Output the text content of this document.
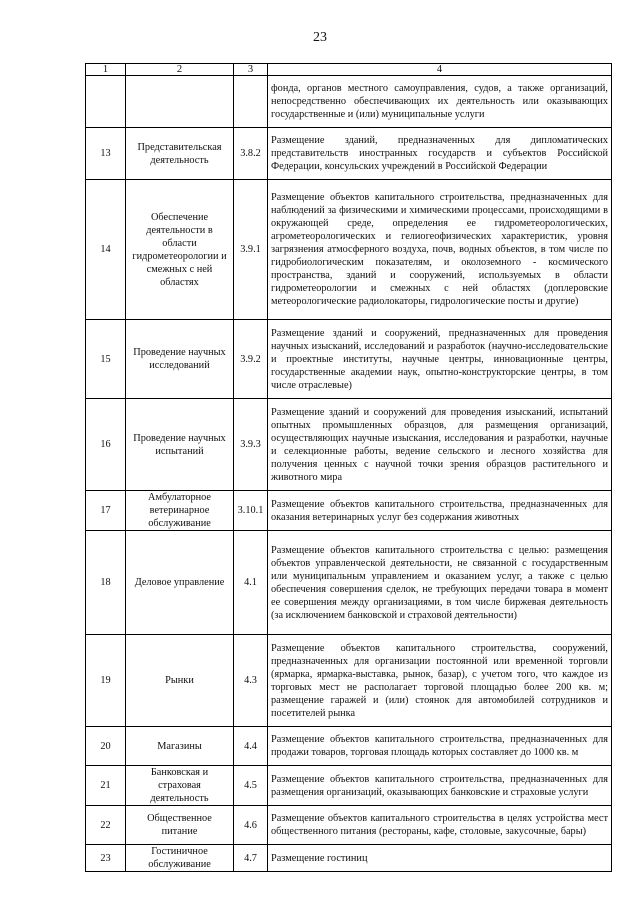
23
1	2	3	4
			фонда, органов местного самоуправления, судов, а также организаций, непосредственно обеспечивающих их деятельность или оказывающих государственные и (или) муниципальные услуги
13	Представительская деятельность	3.8.2	Размещение зданий, предназначенных для дипломатических представительств иностранных государств и субъектов Российской Федерации, консульских учреждений в Российской Федерации
14	Обеспечение деятельности в области гидрометеорологии и смежных с ней областях	3.9.1	Размещение объектов капитального строительства, предназначенных для наблюдений за физическими и химическими процессами, происходящими в окружающей среде, определения ее гидрометеорологических, агрометеорологических и гелиогеофизических характеристик, уровня загрязнения атмосферного воздуха, почв, водных объектов, в том числе по гидробиологическим показателям, и околоземного - космического пространства, зданий и сооружений, используемых в области гидрометеорологии и смежных с ней областях (доплеровские метеорологические радиолокаторы, гидрологические посты и другие)
15	Проведение научных исследований	3.9.2	Размещение зданий и сооружений, предназначенных для проведения научных изысканий, исследований и разработок (научно-исследовательские и проектные институты, научные центры, инновационные центры, государственные академии наук, опытно-конструкторские центры, в том числе отраслевые)
16	Проведение научных испытаний	3.9.3	Размещение зданий и сооружений для проведения изысканий, испытаний опытных промышленных образцов, для размещения организаций, осуществляющих научные изыскания, исследования и разработки, научные и селекционные работы, ведение сельского и лесного хозяйства для получения ценных с научной точки зрения образцов растительного и животного мира
17	Амбулаторное ветеринарное обслуживание	3.10.1	Размещение объектов капитального строительства, предназначенных для оказания ветеринарных услуг без содержания животных
18	Деловое управление	4.1	Размещение объектов капитального строительства с целью: размещения объектов управленческой деятельности, не связанной с государственным или муниципальным управлением и оказанием услуг, а также с целью обеспечения совершения сделок, не требующих передачи товара в момент ее совершения между организациями, в том числе биржевая деятельность (за исключением банковской и страховой деятельности)
19	Рынки	4.3	Размещение объектов капитального строительства, сооружений, предназначенных для организации постоянной или временной торговли (ярмарка, ярмарка-выставка, рынок, базар), с учетом того, что каждое из торговых мест не располагает торговой площадью более 200 кв. м; размещение гаражей и (или) стоянок для автомобилей сотрудников и посетителей рынка
20	Магазины	4.4	Размещение объектов капитального строительства, предназначенных для продажи товаров, торговая площадь которых составляет до 1000 кв. м
21	Банковская и страховая деятельность	4.5	Размещение объектов капитального строительства, предназначенных для размещения организаций, оказывающих банковские и страховые услуги
22	Общественное питание	4.6	Размещение объектов капитального строительства в целях устройства мест общественного питания (рестораны, кафе, столовые, закусочные, бары)
23	Гостиничное обслуживание	4.7	Размещение гостиниц
